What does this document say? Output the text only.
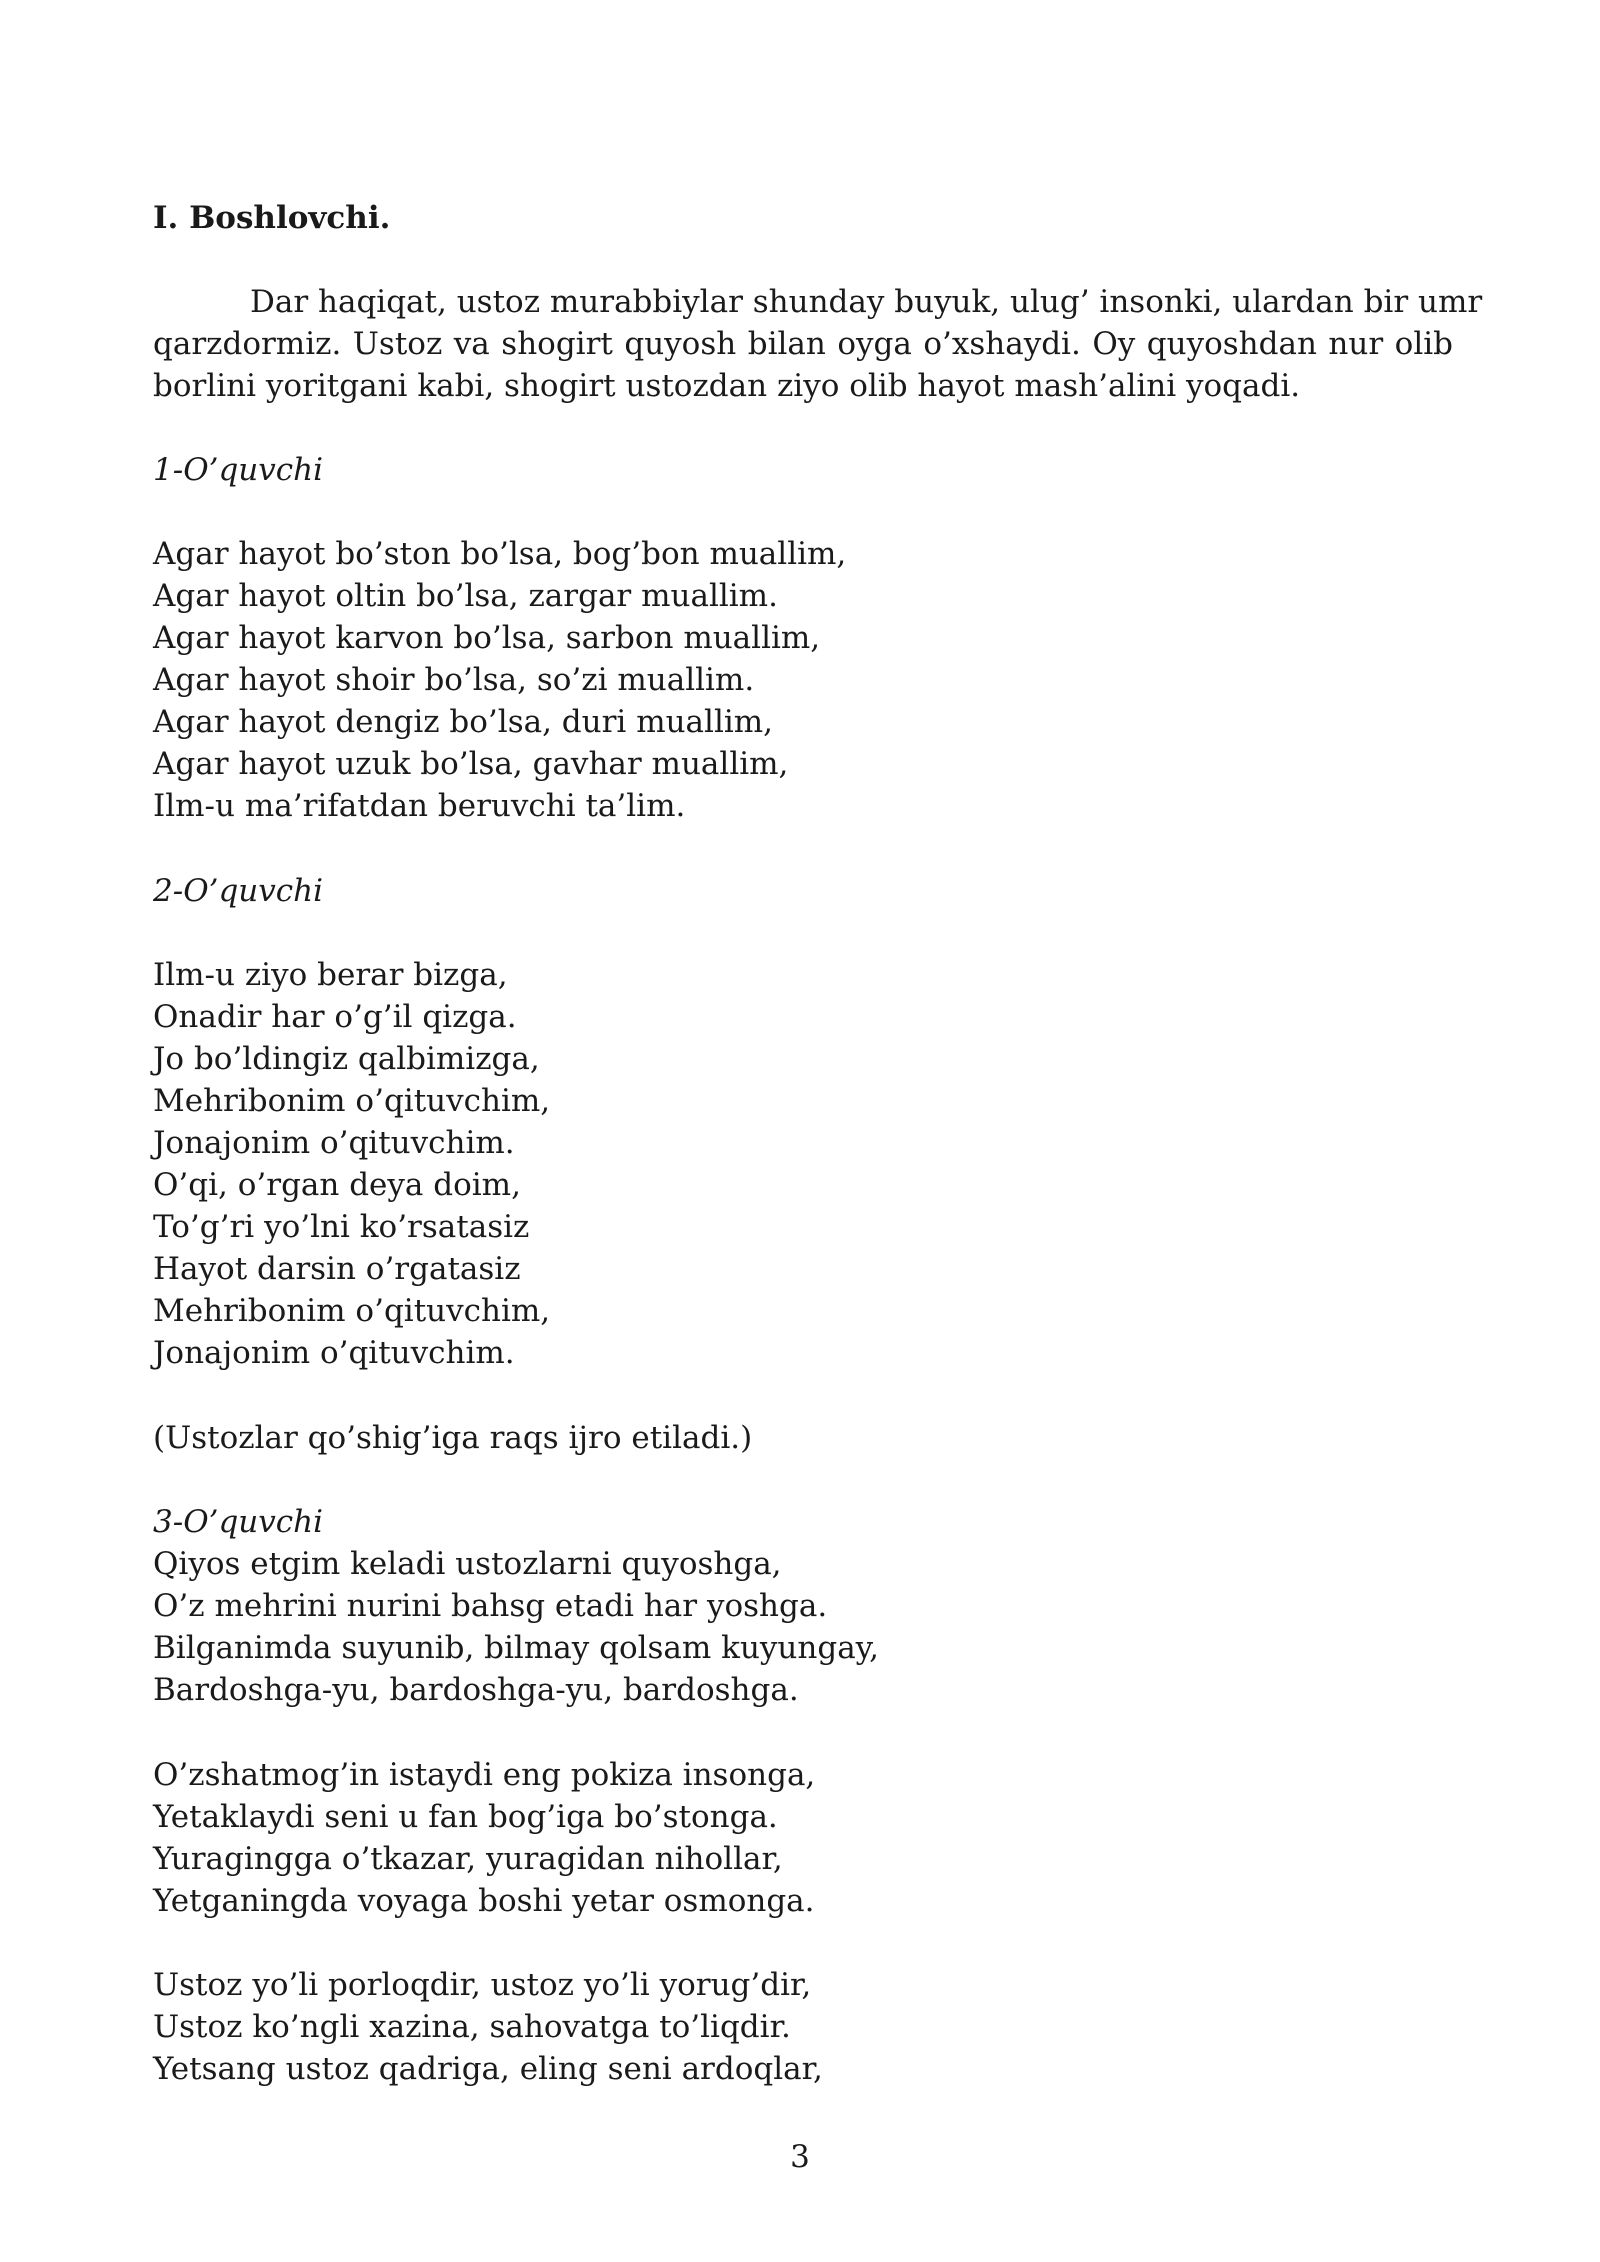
I. Boshlovchi.
Dar haqiqat, ustoz murabbiylar shunday buyuk, ulug’ insonki, ulardan bir umr
qarzdormiz. Ustoz va shogirt quyosh bilan oyga o’xshaydi. Oy quyoshdan nur olib
borlini yoritgani kabi, shogirt ustozdan ziyo olib hayot mash’alini yoqadi.
1-O’quvchi
Agar hayot bo’ston bo’lsa, bog’bon muallim,
Agar hayot oltin bo’lsa, zargar muallim.
Agar hayot karvon bo’lsa, sarbon muallim,
Agar hayot shoir bo’lsa, so’zi muallim.
Agar hayot dengiz bo’lsa, duri muallim,
Agar hayot uzuk bo’lsa, gavhar muallim,
Ilm-u ma’rifatdan beruvchi ta’lim.
2-O’quvchi
Ilm-u ziyo berar bizga,
Onadir har o’g’il qizga.
Jo bo’ldingiz qalbimizga,
Mehribonim o’qituvchim,
Jonajonim o’qituvchim.
O’qi, o’rgan deya doim,
To’g’ri yo’lni ko’rsatasiz
Hayot darsin o’rgatasiz
Mehribonim o’qituvchim,
Jonajonim o’qituvchim.
(Ustozlar qo’shig’iga raqs ijro etiladi.)
3-O’quvchi
Qiyos etgim keladi ustozlarni quyoshga,
O’z mehrini nurini bahsg etadi har yoshga.
Bilganimda suyunib, bilmay qolsam kuyungay,
Bardoshga-yu, bardoshga-yu, bardoshga.
O’zshatmog’in istaydi eng pokiza insonga,
Yetaklaydi seni u fan bog’iga bo’stonga.
Yuragingga o’tkazar, yuragidan nihollar,
Yetganingda voyaga boshi yetar osmonga.
Ustoz yo’li porloqdir, ustoz yo’li yorug’dir,
Ustoz ko’ngli xazina, sahovatga to’liqdir.
Yetsang ustoz qadriga, eling seni ardoqlar,
3
